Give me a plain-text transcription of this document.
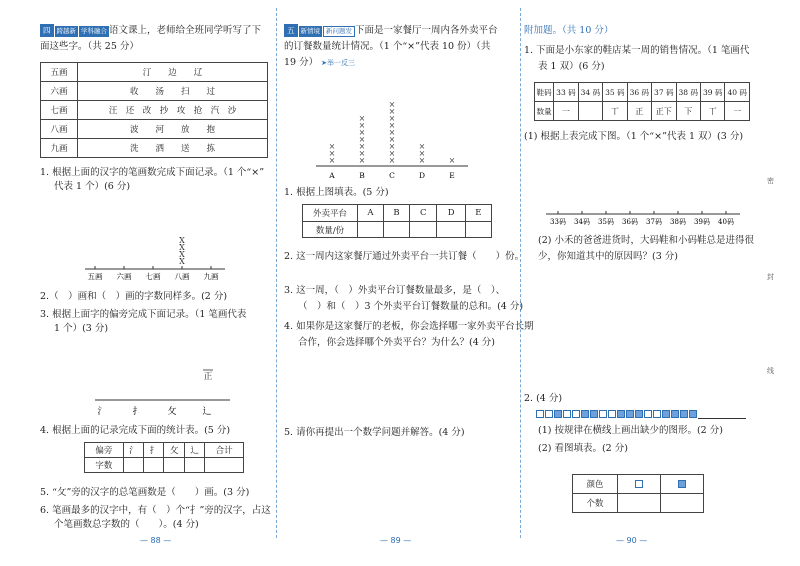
四 跨越新 学科融合 语文课上，老师给全班同学听写了下
面这些字。（共 25 分）
五画	汀　　边　　辽
六画	收　　汤　　扫　　过
七画	汪　还　改　抄　攻　抢　汽　沙
八画	波　　河　　放　　抱
九画	洗　　洒　　送　　拣
1. 根据上面的汉字的笔画数完成下面记录。（1 个“×”
代表 1 个）(6 分)
五画 六画 七画 八画 九画
X
X
X
X
2.（　）画和（　）画的字数同样多。(2 分)
3. 根据上面字的偏旁完成下面记录。（1 笔画代表
1 个）(3 分)
氵	扌	攵	辶
正
4. 根据上面的记录完成下面的统计表。(5 分)
偏旁	氵	扌	攵	辶	合计
字数					
5. “攵”旁的汉字的总笔画数是（　　）画。(3 分)
6. 笔画最多的汉字中，有（　）个“扌”旁的汉字，占这
个笔画数总字数的（　　）。(4 分)
— 88 —
五 新情境 新问题发 下面是一家餐厅一周内各外卖平台
的订餐数量统计情况。（1 个“×”代表 10 份）（共
19 分） ➤举一反三
×
×
×
A
×
×
×
×
×
×
×
B
×
×
×
×
×
×
×
×
×
C
×
×
×
D
×
E
1. 根据上图填表。(5 分)
外卖平台	A	B	C	D	E
数量/份					
2. 这一周内这家餐厅通过外卖平台一共订餐（　　）份。
3. 这一周，（　）外卖平台订餐数量最多，是（　）、
（　）和（　）3 个外卖平台订餐数量的总和。(4 分)
4. 如果你是这家餐厅的老板，你会选择哪一家外卖平台长期
合作，你会选择哪个外卖平台？为什么？(4 分)
5. 请你再提出一个数学问题并解答。(4 分)
— 89 —
附加题。（共 10 分）
1. 下面是小东家的鞋店某一周的销售情况。（1 笔画代
表 1 双）(6 分)
鞋码	33 码	34 码	35 码	36 码	37 码	38 码	39 码	40 码
数量	一		丅	正	正下	下	丅	一
(1) 根据上表完成下图。（1 个“×”代表 1 双）(3 分)
33码 34码 35码 36码 37码 38码 39码 40码
(2) 小禾的爸爸进货时，大码鞋和小码鞋总是进得很
少，你知道其中的原因吗？(3 分)
2. (4 分)
(1) 按规律在横线上画出缺少的图形。(2 分)
(2) 看图填表。(2 分)
颜色		
个数		
— 90 —
密
封
线
